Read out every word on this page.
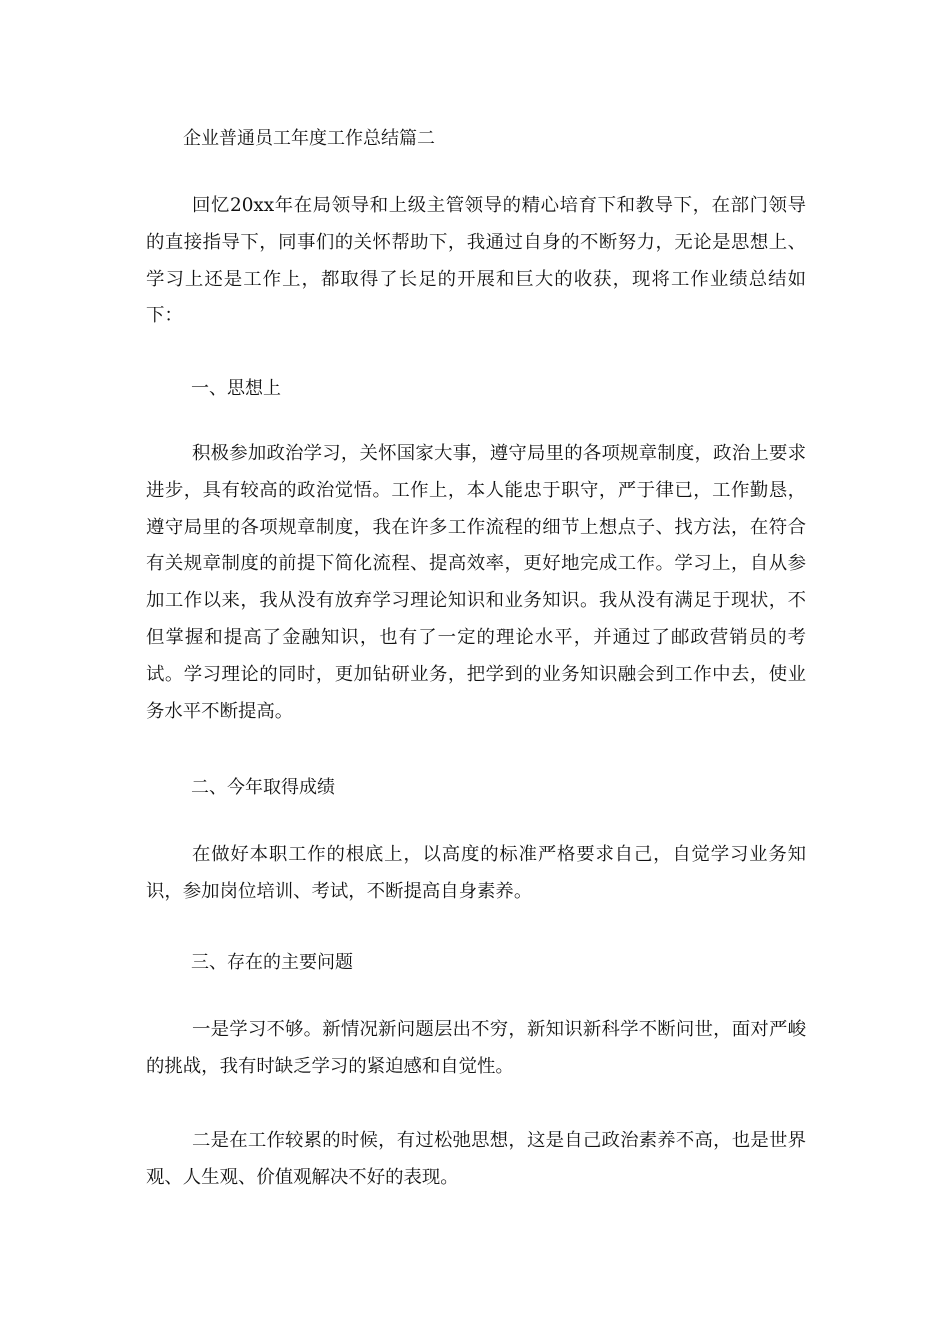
企业普通员工年度工作总结篇二

回忆20xx年在局领导和上级主管领导的精心培育下和教导下，在部门领导的直接指导下，同事们的关怀帮助下，我通过自身的不断努力，无论是思想上、学习上还是工作上，都取得了长足的开展和巨大的收获，现将工作业绩总结如下：

一、思想上

积极参加政治学习，关怀国家大事，遵守局里的各项规章制度，政治上要求进步，具有较高的政治觉悟。工作上，本人能忠于职守，严于律已，工作勤恳，遵守局里的各项规章制度，我在许多工作流程的细节上想点子、找方法，在符合有关规章制度的前提下简化流程、提高效率，更好地完成工作。学习上，自从参加工作以来，我从没有放弃学习理论知识和业务知识。我从没有满足于现状，不但掌握和提高了金融知识，也有了一定的理论水平，并通过了邮政营销员的考试。学习理论的同时，更加钻研业务，把学到的业务知识融会到工作中去，使业务水平不断提高。

二、今年取得成绩

在做好本职工作的根底上，以高度的标准严格要求自己，自觉学习业务知识，参加岗位培训、考试，不断提高自身素养。

三、存在的主要问题

一是学习不够。新情况新问题层出不穷，新知识新科学不断问世，面对严峻的挑战，我有时缺乏学习的紧迫感和自觉性。

二是在工作较累的时候，有过松弛思想，这是自己政治素养不高，也是世界观、人生观、价值观解决不好的表现。
